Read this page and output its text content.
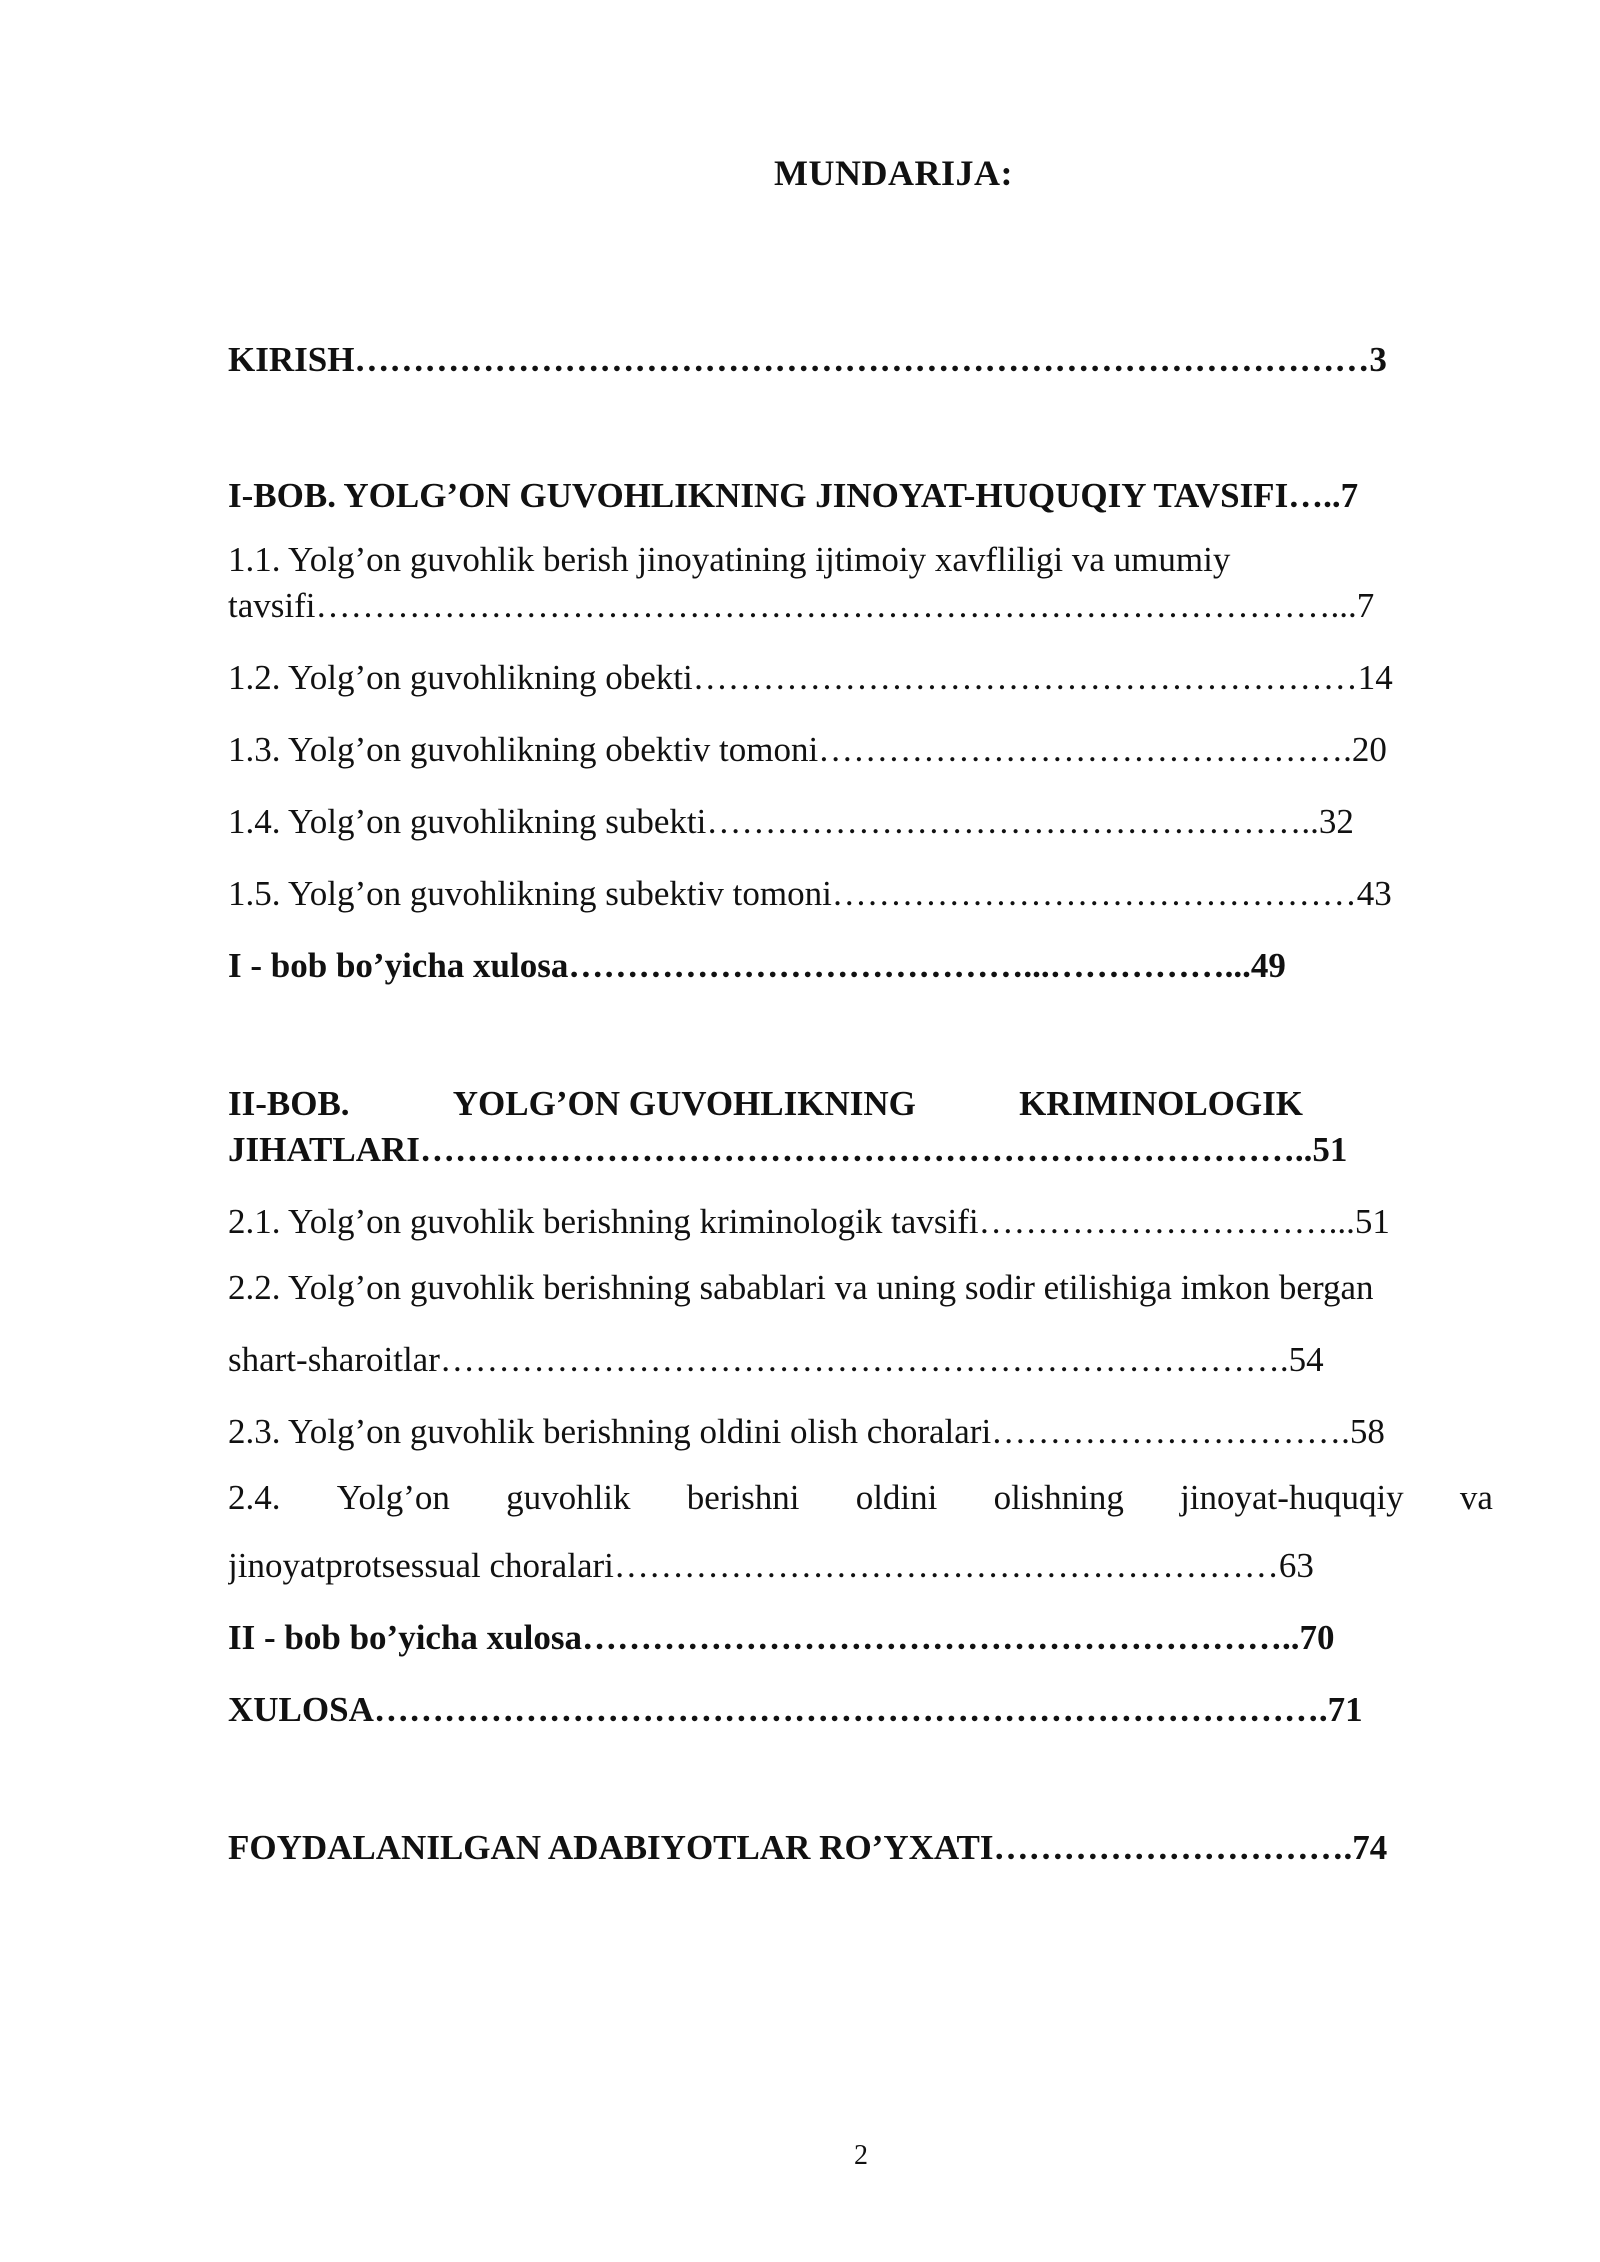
MUNDARIJA:
KIRISH……………………………………………………………………………3
I-BOB. YOLG’ON GUVOHLIKNING JINOYAT-HUQUQIY TAVSIFI…..7
1.1. Yolg’on guvohlik berish jinoyatining ijtimoiy xavfliligi va umumiy
tavsifi……………………………………………………………………………...7
1.2. Yolg’on guvohlikning obekti…………………………………………………14
1.3. Yolg’on guvohlikning obektiv tomoni……………………………………….20
1.4. Yolg’on guvohlikning subekti……………………………………………..32
1.5. Yolg’on guvohlikning subektiv tomoni………………………………………43
I - bob bo’yicha xulosa…………………………………...……………...49
II-BOB.	YOLG’ON GUVOHLIKNING	KRIMINOLOGIK
JIHATLARI…………………………………………………………………..51
2.1. Yolg’on guvohlik berishning kriminologik tavsifi…………………………...51
2.2. Yolg’on guvohlik berishning sabablari va uning sodir etilishiga imkon bergan
shart-sharoitlar……………………………………………………………….54
2.3. Yolg’on guvohlik berishning oldini olish choralari………………………….58
2.4. Yolg’on guvohlik berishni oldini olishning jinoyat-huquqiy va
jinoyatprotsessual choralari…………………………………………………63
II - bob bo’yicha xulosa……………………………………………………..70
XULOSA……………………………………………………………………….71
FOYDALANILGAN ADABIYOTLAR RO’YXATI………………………….74
2
